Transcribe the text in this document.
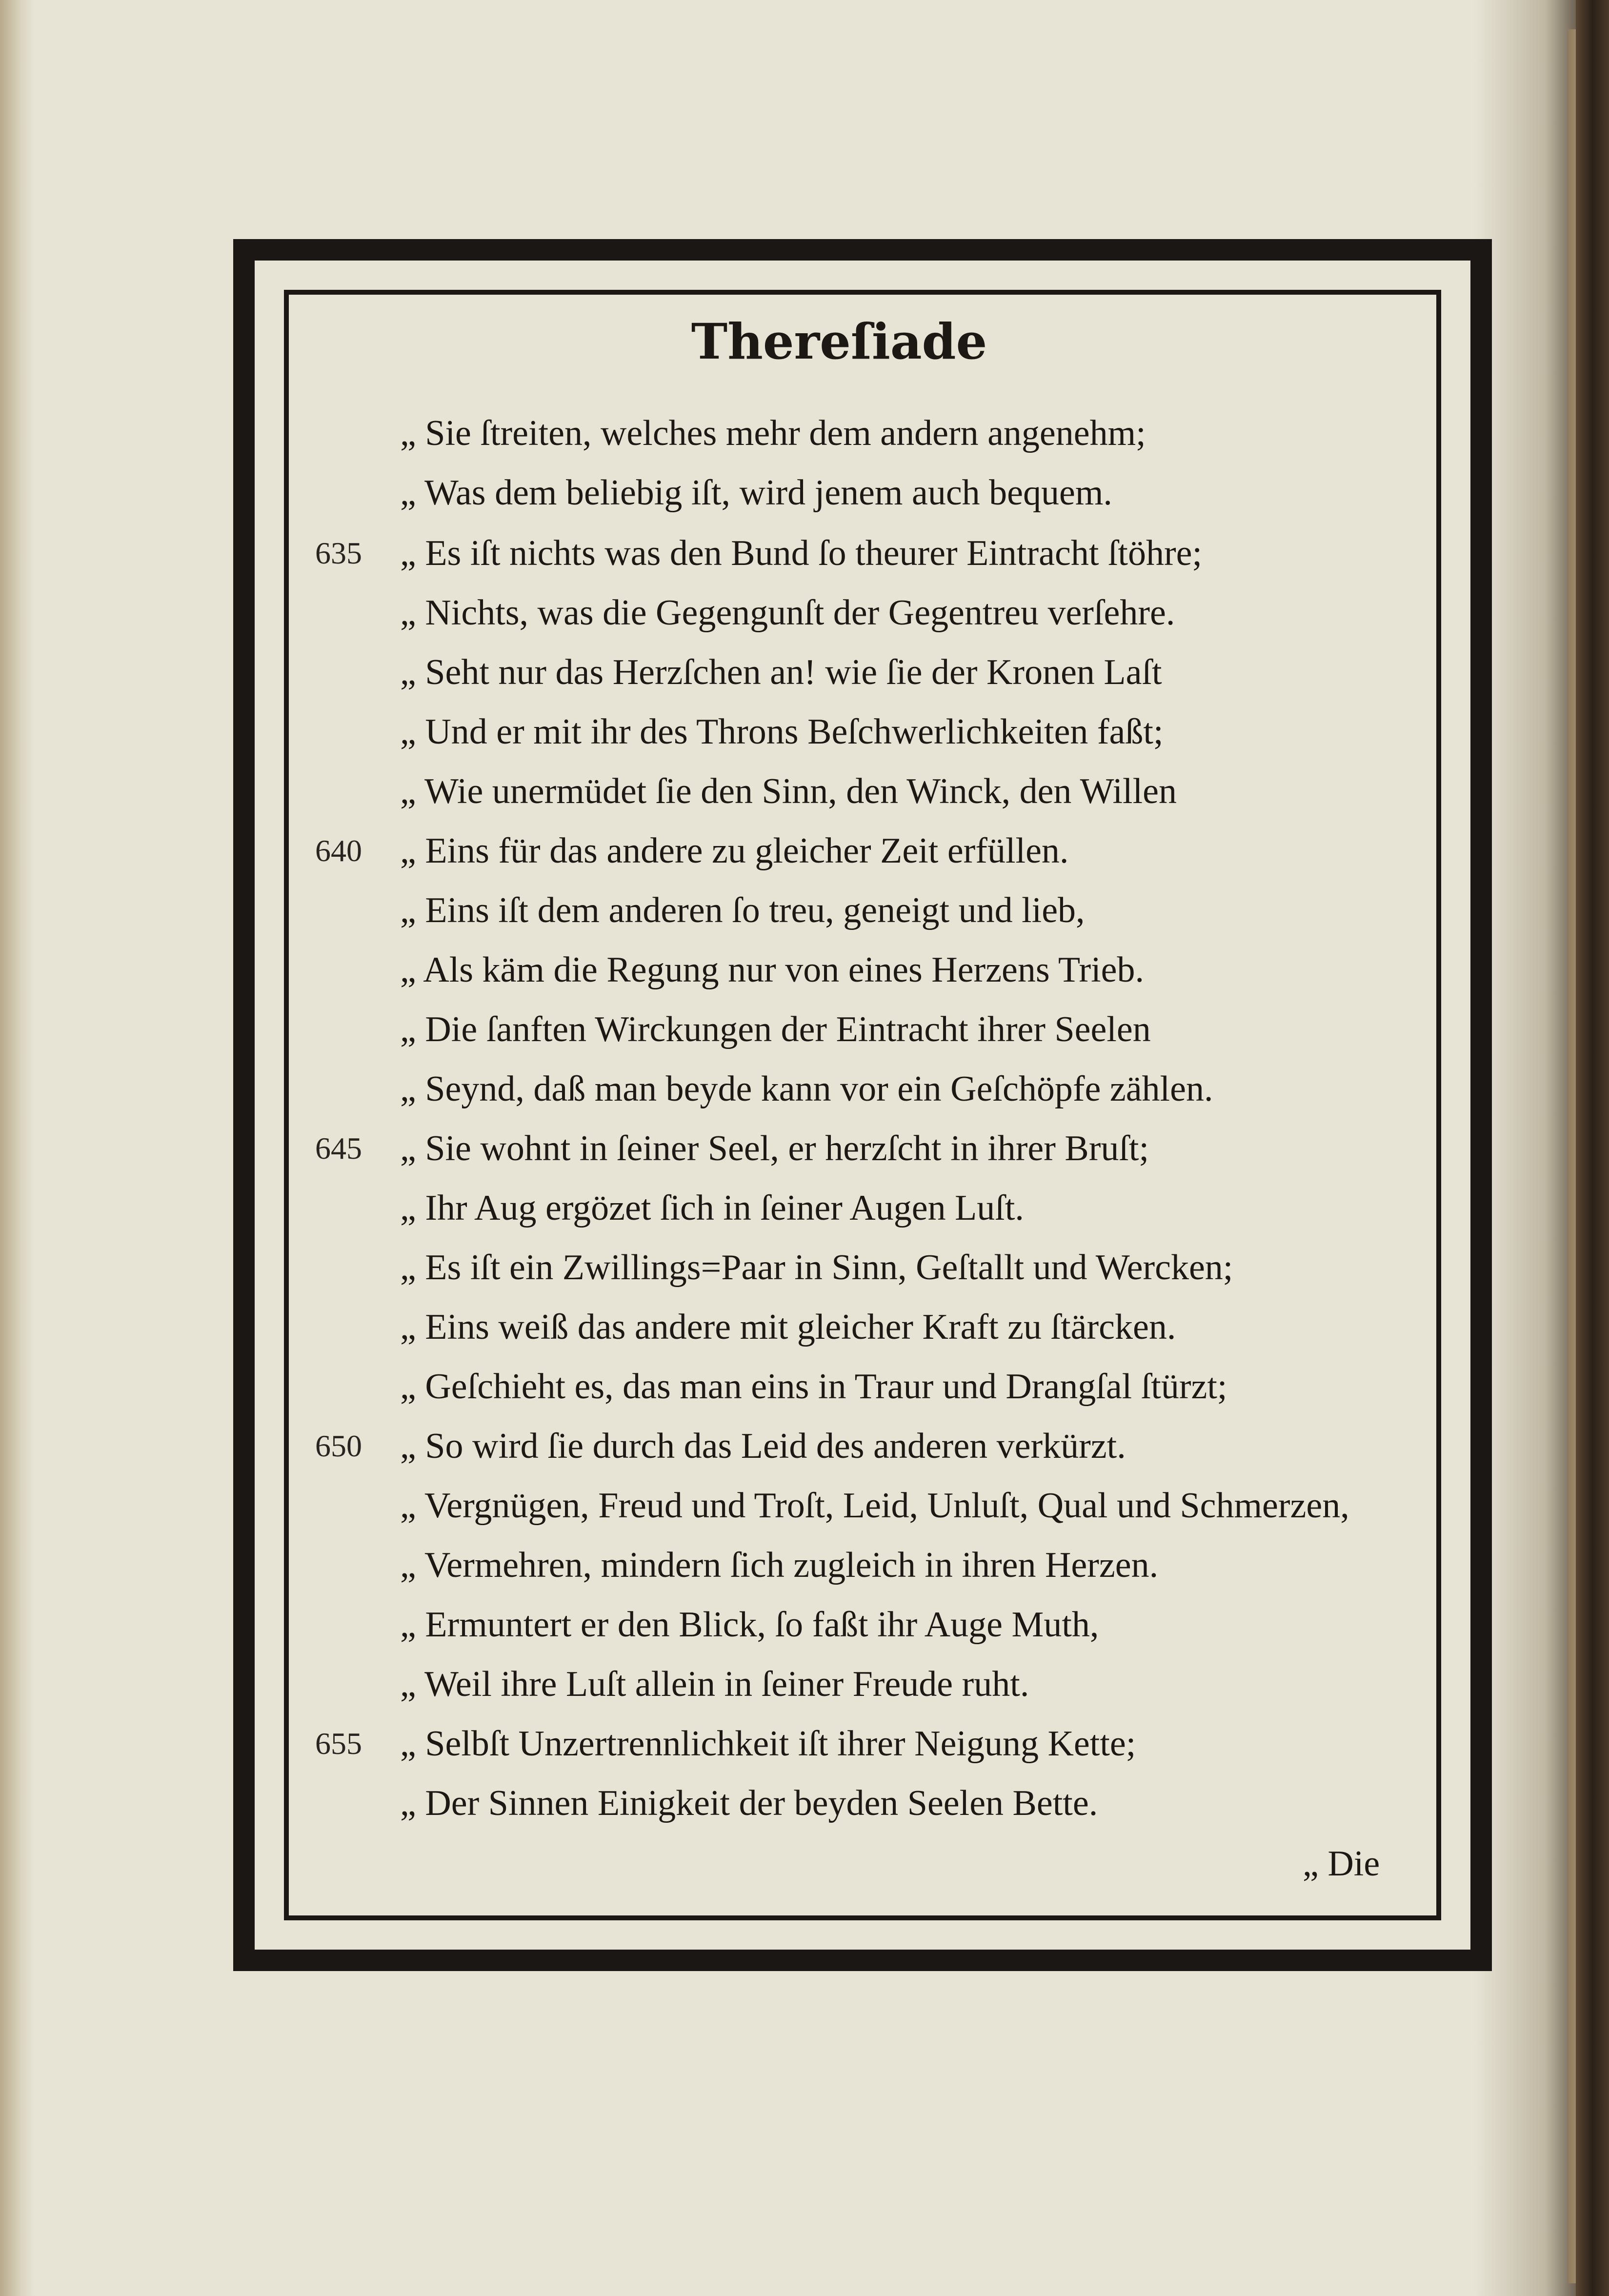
Thereſiade
635
640
645
650
655
„ Sie ſtreiten, welches mehr dem andern angenehm;
„ Was dem beliebig iſt, wird jenem auch bequem.
„ Es iſt nichts was den Bund ſo theurer Eintracht ſtöhre;
„ Nichts, was die Gegengunſt der Gegentreu verſehre.
„ Seht nur das Herzſchen an! wie ſie der Kronen Laſt
„ Und er mit ihr des Throns Beſchwerlichkeiten faßt;
„ Wie unermüdet ſie den Sinn, den Winck, den Willen
„ Eins für das andere zu gleicher Zeit erfüllen.
„ Eins iſt dem anderen ſo treu, geneigt und lieb,
„ Als käm die Regung nur von eines Herzens Trieb.
„ Die ſanften Wirckungen der Eintracht ihrer Seelen
„ Seynd, daß man beyde kann vor ein Geſchöpfe zählen.
„ Sie wohnt in ſeiner Seel, er herzſcht in ihrer Bruſt;
„ Ihr Aug ergözet ſich in ſeiner Augen Luſt.
„ Es iſt ein Zwillings=Paar in Sinn, Geſtallt und Wercken;
„ Eins weiß das andere mit gleicher Kraft zu ſtärcken.
„ Geſchieht es, das man eins in Traur und Drangſal ſtürzt;
„ So wird ſie durch das Leid des anderen verkürzt.
„ Vergnügen, Freud und Troſt, Leid, Unluſt, Qual und Schmerzen,
„ Vermehren, mindern ſich zugleich in ihren Herzen.
„ Ermuntert er den Blick, ſo faßt ihr Auge Muth,
„ Weil ihre Luſt allein in ſeiner Freude ruht.
„ Selbſt Unzertrennlichkeit iſt ihrer Neigung Kette;
„ Der Sinnen Einigkeit der beyden Seelen Bette.
„ Die
